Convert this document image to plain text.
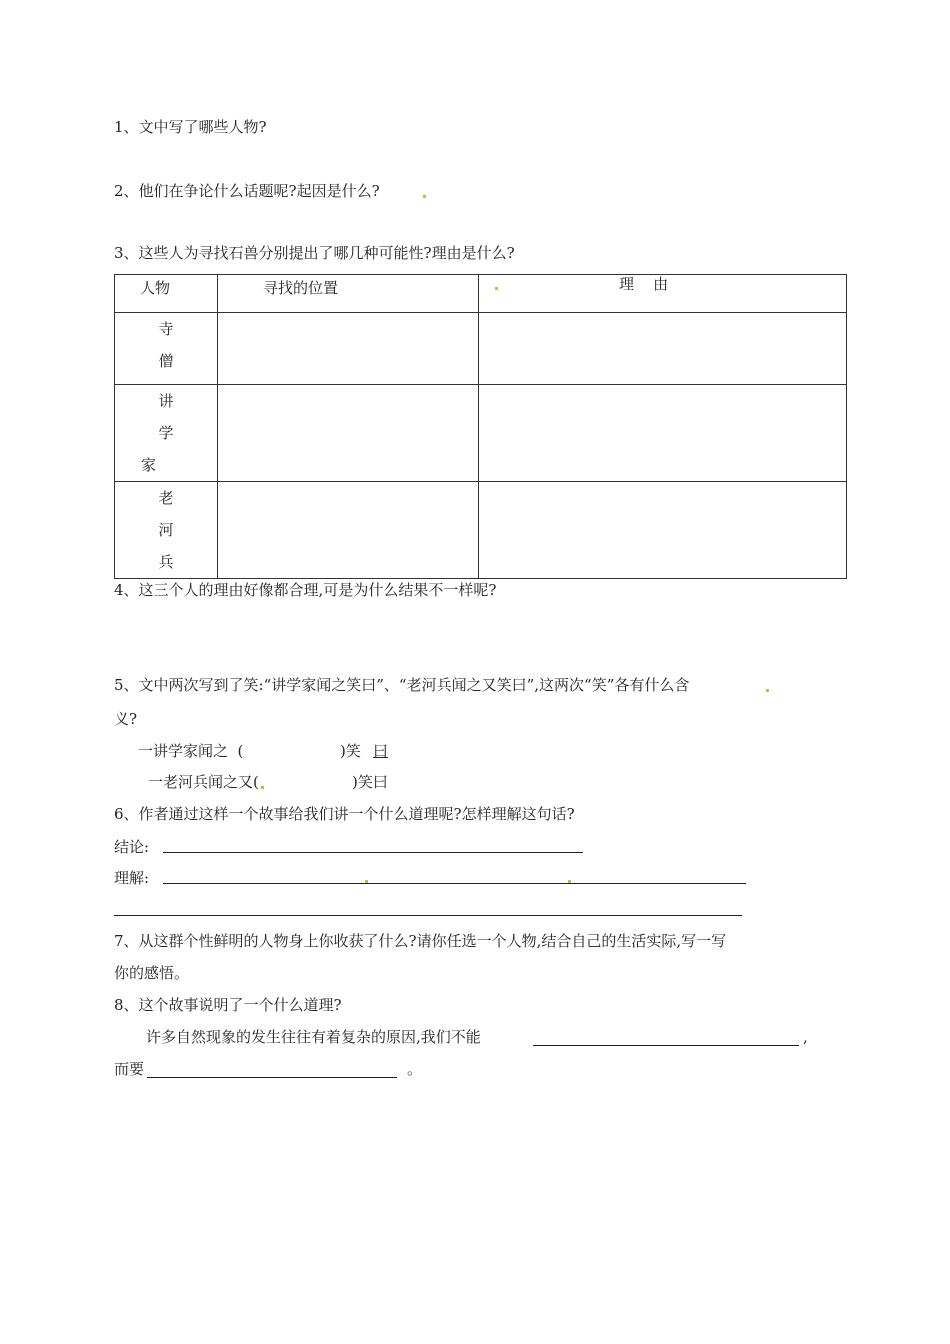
1、文中写了哪些人物?
2、他们在争论什么话题呢?起因是什么?
3、这些人为寻找石兽分别提出了哪几种可能性?理由是什么?
人物	寻找的位置	理    由

寺
僧		

讲
学
家		

老
河
兵		

4、这三个人的理由好像都合理,可是为什么结果不一样呢?
5、文中两次写到了笑:“讲学家闻之笑曰”、“老河兵闻之又笑曰”,这两次“笑”各有什么含
义?
一讲学家闻之  (	)笑 曰
一老河兵闻之又(	)笑曰
6、作者通过这样一个故事给我们讲一个什么道理呢?怎样理解这句话?
结论:
理解:
7、从这群个性鲜明的人物身上你收获了什么?请你任选一个人物,结合自己的生活实际,写一写
你的感悟。
8、这个故事说明了一个什么道理?
许多自然现象的发生往往有着复杂的原因,我们不能	,
而要	。
